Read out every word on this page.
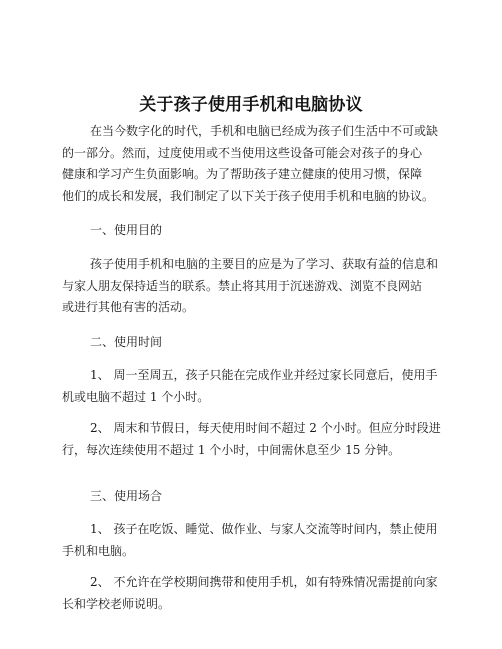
关于孩子使用手机和电脑协议
在当今数字化的时代，手机和电脑已经成为孩子们生活中不可或缺
的一部分。然而，过度使用或不当使用这些设备可能会对孩子的身心
健康和学习产生负面影响。为了帮助孩子建立健康的使用习惯，保障
他们的成长和发展，我们制定了以下关于孩子使用手机和电脑的协议。
一、使用目的
孩子使用手机和电脑的主要目的应是为了学习、获取有益的信息和
与家人朋友保持适当的联系。禁止将其用于沉迷游戏、浏览不良网站
或进行其他有害的活动。
二、使用时间
1、 周一至周五，孩子只能在完成作业并经过家长同意后，使用手
机或电脑不超过 1 个小时。
2、 周末和节假日，每天使用时间不超过 2 个小时。但应分时段进
行，每次连续使用不超过 1 个小时，中间需休息至少 15 分钟。
三、使用场合
1、 孩子在吃饭、睡觉、做作业、与家人交流等时间内，禁止使用
手机和电脑。
2、 不允许在学校期间携带和使用手机，如有特殊情况需提前向家
长和学校老师说明。
